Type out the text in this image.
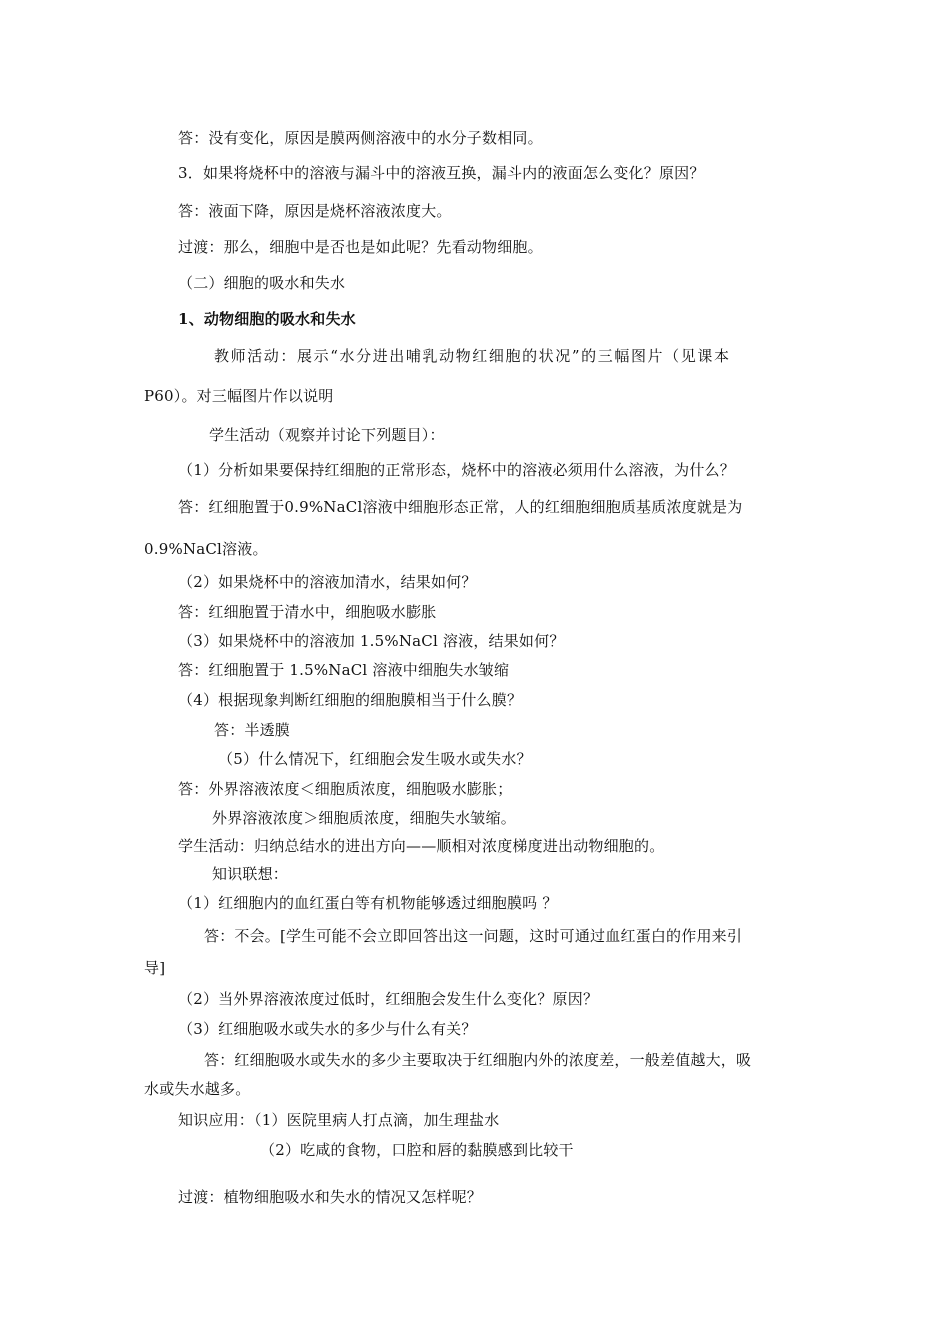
答：没有变化，原因是膜两侧溶液中的水分子数相同。
3．如果将烧杯中的溶液与漏斗中的溶液互换，漏斗内的液面怎么变化？原因？
答：液面下降，原因是烧杯溶液浓度大。
过渡：那么，细胞中是否也是如此呢？先看动物细胞。
（二）细胞的吸水和失水
1、动物细胞的吸水和失水
教师活动：展示“水分进出哺乳动物红细胞的状况”的三幅图片（见课本
P60）。对三幅图片作以说明
学生活动（观察并讨论下列题目）：
（1）分析如果要保持红细胞的正常形态，烧杯中的溶液必须用什么溶液，为什么？
答：红细胞置于0.9%NaCl溶液中细胞形态正常，人的红细胞细胞质基质浓度就是为
0.9%NaCl溶液。
（2）如果烧杯中的溶液加清水，结果如何？
答：红细胞置于清水中，细胞吸水膨胀
（3）如果烧杯中的溶液加 1.5%NaCl 溶液，结果如何？
答：红细胞置于 1.5%NaCl 溶液中细胞失水皱缩
（4）根据现象判断红细胞的细胞膜相当于什么膜？
答：半透膜
（5）什么情况下，红细胞会发生吸水或失水？
答：外界溶液浓度＜细胞质浓度，细胞吸水膨胀；
外界溶液浓度＞细胞质浓度，细胞失水皱缩。
学生活动：归纳总结水的进出方向——顺相对浓度梯度进出动物细胞的。
知识联想：
（1）红细胞内的血红蛋白等有机物能够透过细胞膜吗 ？
答：不会。[学生可能不会立即回答出这一问题，这时可通过血红蛋白的作用来引
导]
（2）当外界溶液浓度过低时，红细胞会发生什么变化？原因？
（3）红细胞吸水或失水的多少与什么有关？
答：红细胞吸水或失水的多少主要取决于红细胞内外的浓度差，一般差值越大，吸
水或失水越多。
知识应用：（1）医院里病人打点滴，加生理盐水
（2）吃咸的食物，口腔和唇的黏膜感到比较干
过渡：植物细胞吸水和失水的情况又怎样呢？
